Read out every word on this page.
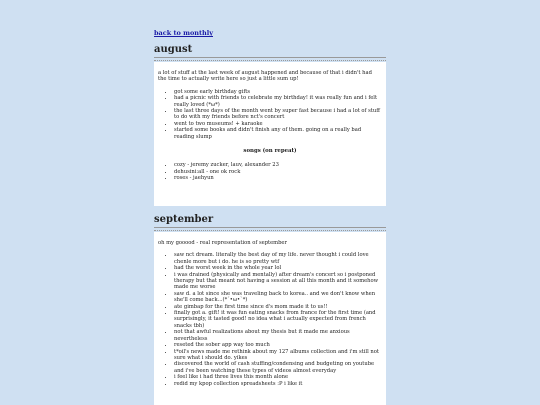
back to monthly
august

a lot of stuff at the last week of august happened and because of that i didn't had the time to actually write here so just a little sum up!

• got some early birthday gifts
• had a picnic with friends to celebrate my birthday! it was really fun and i felt really loved (*ω*)
• the last three days of the month went by super fast because i had a lot of stuff to do with my friends before nct's concert
• went to two museums! + karaoke
• started some books and didn't finish any of them. going on a really bad reading slump
songs (on repeat)
• cozy - jeremy zucker, lauv, alexander 23
• dehusini:all - one ok rock
• roses - jaehyun
september

oh my gooood - real representation of september

• saw nct dream. literally the best day of my life. never thought i could love chenle more but i do. he is so pretty wtf
• had the worst week in the whole year lol
• i was drained (physically and mentally) after dream's concert so i postponed therapy but that meant not having a session at all this month and it somehow made me worse
• saw d. a lot since she was traveling back to korea.. and we don't know when she'll come back...(*´•ω•`*)
• ate gimbap for the first time since d's mom made it to us!!
• finally got a. gift! it was fun eating snacks from france for the first time (and surprisingly, it tasted good! no idea what i actually expected from french snacks tbh)
• not that awful realizations about my thesis but it made me anxious nevertheless
• reseted the sober app way too much
• t*oil's news made me rethink about my 127 albums collection and i'm still not sure what i should do. yikes
• discovered the world of cash stuffing/condensing and budgeting on youtube and i've been watching these types of videos almost everyday
• i feel like i had three lives this month alone
• redid my kpop collection spreadsheets :P i like it
